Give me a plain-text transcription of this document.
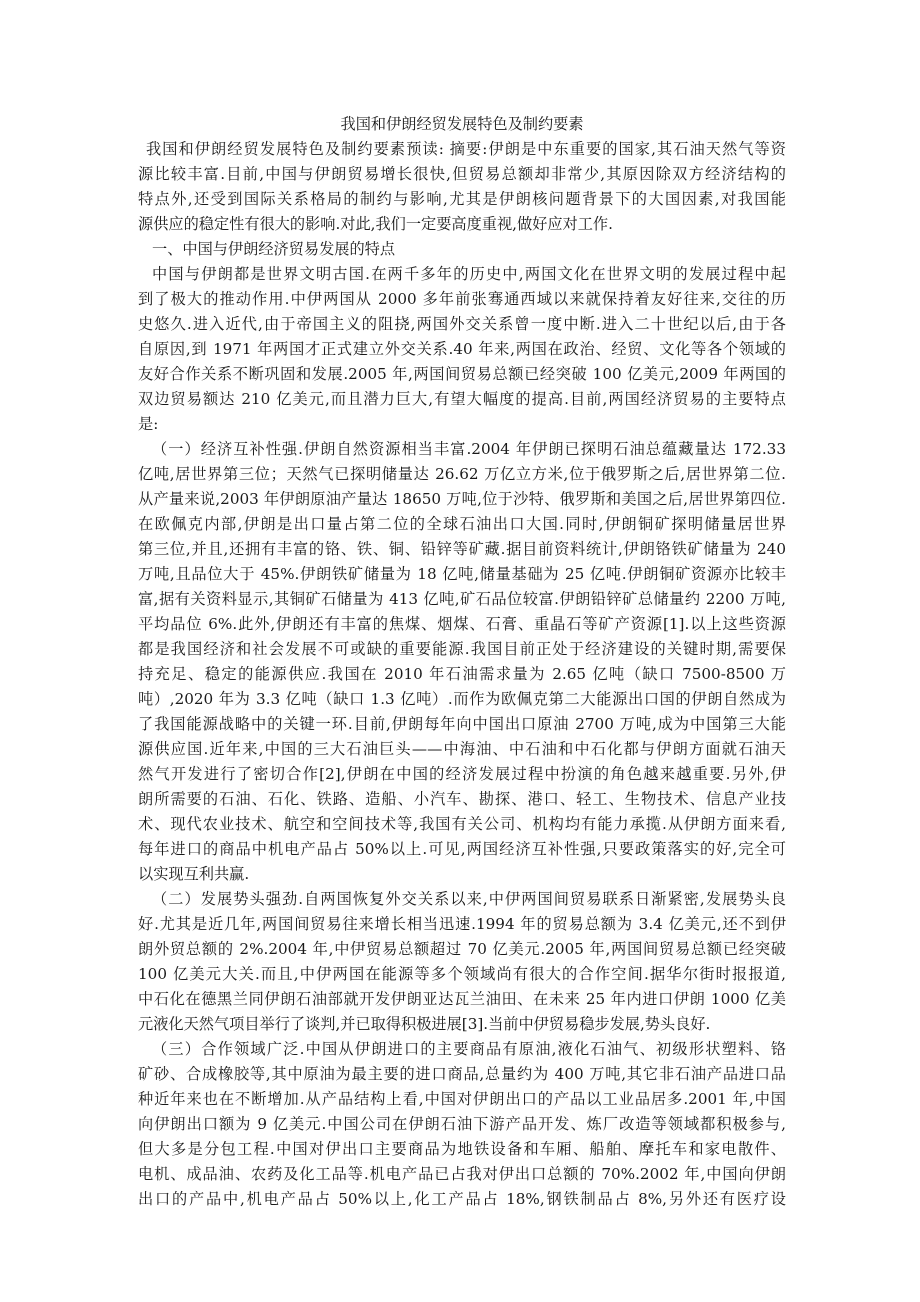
我国和伊朗经贸发展特色及制约要素
我国和伊朗经贸发展特色及制约要素预读: 摘要:伊朗是中东重要的国家,其石油天然气等资
源比较丰富.目前,中国与伊朗贸易增长很快,但贸易总额却非常少,其原因除双方经济结构的
特点外,还受到国际关系格局的制约与影响,尤其是伊朗核问题背景下的大国因素,对我国能
源供应的稳定性有很大的影响.对此,我们一定要高度重视,做好应对工作.
一、中国与伊朗经济贸易发展的特点
中国与伊朗都是世界文明古国.在两千多年的历史中,两国文化在世界文明的发展过程中起
到了极大的推动作用.中伊两国从 2000 多年前张骞通西域以来就保持着友好往来,交往的历
史悠久.进入近代,由于帝国主义的阻挠,两国外交关系曾一度中断.进入二十世纪以后,由于各
自原因,到 1971 年两国才正式建立外交关系.40 年来,两国在政治、经贸、文化等各个领域的
友好合作关系不断巩固和发展.2005 年,两国间贸易总额已经突破 100 亿美元,2009 年两国的
双边贸易额达 210 亿美元,而且潜力巨大,有望大幅度的提高.目前,两国经济贸易的主要特点
是:
（一）经济互补性强.伊朗自然资源相当丰富.2004 年伊朗已探明石油总蕴藏量达 172.33
亿吨,居世界第三位；天然气已探明储量达 26.62 万亿立方米,位于俄罗斯之后,居世界第二位.
从产量来说,2003 年伊朗原油产量达 18650 万吨,位于沙特、俄罗斯和美国之后,居世界第四位.
在欧佩克内部,伊朗是出口量占第二位的全球石油出口大国.同时,伊朗铜矿探明储量居世界
第三位,并且,还拥有丰富的铬、铁、铜、铅锌等矿藏.据目前资料统计,伊朗铬铁矿储量为 240
万吨,且品位大于 45%.伊朗铁矿储量为 18 亿吨,储量基础为 25 亿吨.伊朗铜矿资源亦比较丰
富,据有关资料显示,其铜矿石储量为 413 亿吨,矿石品位较富.伊朗铅锌矿总储量约 2200 万吨,
平均品位 6%.此外,伊朗还有丰富的焦煤、烟煤、石膏、重晶石等矿产资源[1].以上这些资源
都是我国经济和社会发展不可或缺的重要能源.我国目前正处于经济建设的关键时期,需要保
持充足、稳定的能源供应.我国在 2010 年石油需求量为 2.65 亿吨（缺口 7500-8500 万
吨）,2020 年为 3.3 亿吨（缺口 1.3 亿吨）.而作为欧佩克第二大能源出口国的伊朗自然成为
了我国能源战略中的关键一环.目前,伊朗每年向中国出口原油 2700 万吨,成为中国第三大能
源供应国.近年来,中国的三大石油巨头——中海油、中石油和中石化都与伊朗方面就石油天
然气开发进行了密切合作[2],伊朗在中国的经济发展过程中扮演的角色越来越重要.另外,伊
朗所需要的石油、石化、铁路、造船、小汽车、勘探、港口、轻工、生物技术、信息产业技
术、现代农业技术、航空和空间技术等,我国有关公司、机构均有能力承揽.从伊朗方面来看,
每年进口的商品中机电产品占 50%以上.可见,两国经济互补性强,只要政策落实的好,完全可
以实现互利共赢.
（二）发展势头强劲.自两国恢复外交关系以来,中伊两国间贸易联系日渐紧密,发展势头良
好.尤其是近几年,两国间贸易往来增长相当迅速.1994 年的贸易总额为 3.4 亿美元,还不到伊
朗外贸总额的 2%.2004 年,中伊贸易总额超过 70 亿美元.2005 年,两国间贸易总额已经突破
100 亿美元大关.而且,中伊两国在能源等多个领域尚有很大的合作空间.据华尔街时报报道,
中石化在德黑兰同伊朗石油部就开发伊朗亚达瓦兰油田、在未来 25 年内进口伊朗 1000 亿美
元液化天然气项目举行了谈判,并已取得积极进展[3].当前中伊贸易稳步发展,势头良好.
（三）合作领域广泛.中国从伊朗进口的主要商品有原油,液化石油气、初级形状塑料、铬
矿砂、合成橡胶等,其中原油为最主要的进口商品,总量约为 400 万吨,其它非石油产品进口品
种近年来也在不断增加.从产品结构上看,中国对伊朗出口的产品以工业品居多.2001 年,中国
向伊朗出口额为 9 亿美元.中国公司在伊朗石油下游产品开发、炼厂改造等领域都积极参与,
但大多是分包工程.中国对伊出口主要商品为地铁设备和车厢、船舶、摩托车和家电散件、
电机、成品油、农药及化工品等.机电产品已占我对伊出口总额的 70%.2002 年,中国向伊朗
出口的产品中,机电产品占 50%以上,化工产品占 18%,钢铁制品占 8%,另外还有医疗设
